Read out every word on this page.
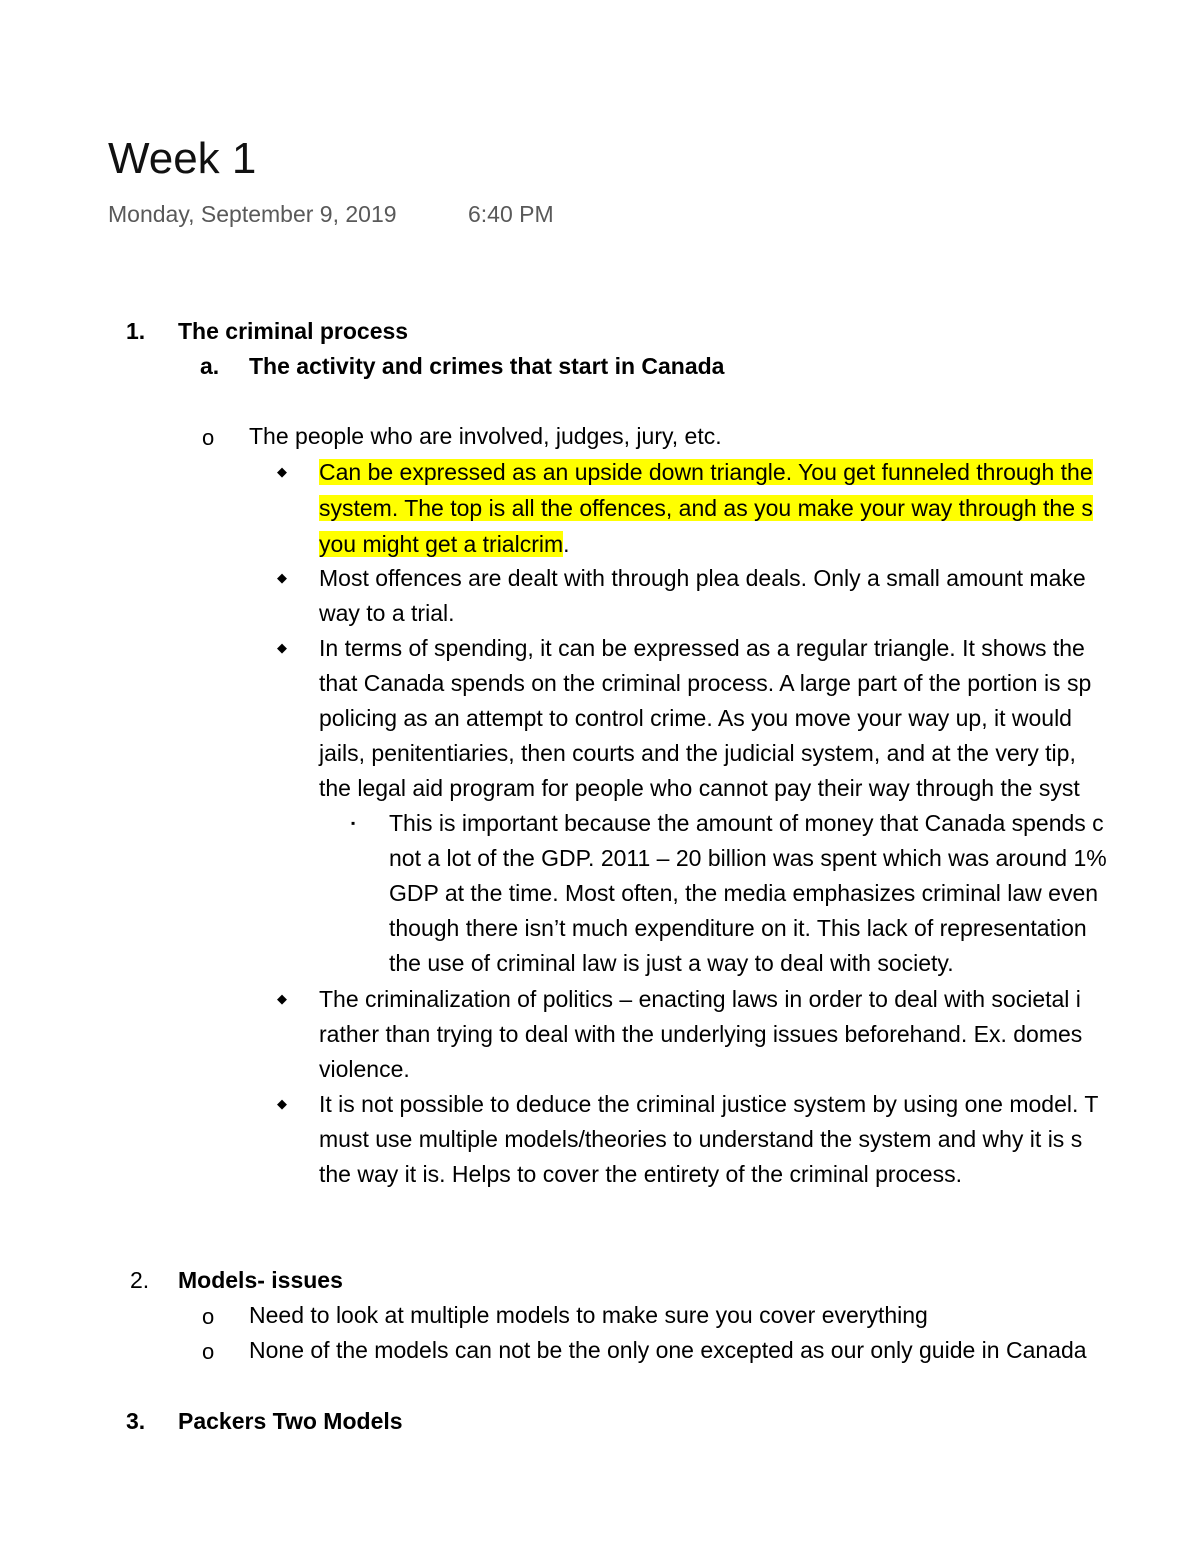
Week 1
Monday, September 9, 2019	6:40 PM
1. The criminal process
a. The activity and crimes that start in Canada
o The people who are involved, judges, jury, etc.
◆ Can be expressed as an upside down triangle. You get funneled through the
system. The top is all the offences, and as you make your way through the s
you might get a trialcrim.
◆ Most offences are dealt with through plea deals. Only a small amount make
way to a trial.
◆ In terms of spending, it can be expressed as a regular triangle. It shows the
that Canada spends on the criminal process. A large part of the portion is sp
policing as an attempt to control crime. As you move your way up, it would
jails, penitentiaries, then courts and the judicial system, and at the very tip,
the legal aid program for people who cannot pay their way through the syst
▪ This is important because the amount of money that Canada spends c
not a lot of the GDP. 2011 – 20 billion was spent which was around 1%
GDP at the time. Most often, the media emphasizes criminal law even
though there isn’t much expenditure on it. This lack of representation
the use of criminal law is just a way to deal with society.
◆ The criminalization of politics – enacting laws in order to deal with societal i
rather than trying to deal with the underlying issues beforehand. Ex. domes
violence.
◆ It is not possible to deduce the criminal justice system by using one model. T
must use multiple models/theories to understand the system and why it is s
the way it is. Helps to cover the entirety of the criminal process.
2. Models- issues
o Need to look at multiple models to make sure you cover everything
o None of the models can not be the only one excepted as our only guide in Canada
3. Packers Two Models
